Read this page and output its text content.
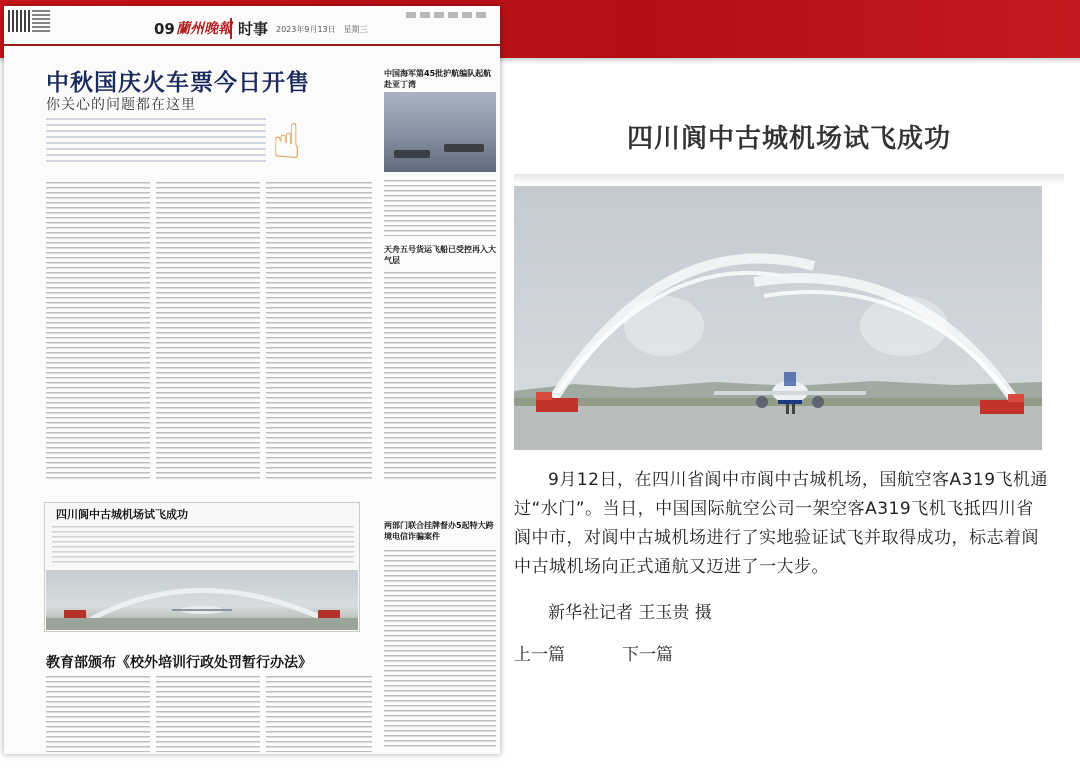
09 蘭州晚報 时事 2023年9月13日　星期三
中秋国庆火车票今日开售
你关心的问题都在这里
☝
中国海军第45批护航编队起航赴亚丁湾
天舟五号货运飞船已受控再入大气层
两部门联合挂牌督办5起特大跨境电信诈骗案件
四川阆中古城机场试飞成功
教育部颁布《校外培训行政处罚暂行办法》
四川阆中古城机场试飞成功

9月12日，在四川省阆中市阆中古城机场，国航空客A319飞机通过“水门”。当日，中国国际航空公司一架空客A319飞机飞抵四川省阆中市，对阆中古城机场进行了实地验证试飞并取得成功，标志着阆中古城机场向正式通航又迈进了一大步。

新华社记者 王玉贵 摄
上一篇	下一篇
